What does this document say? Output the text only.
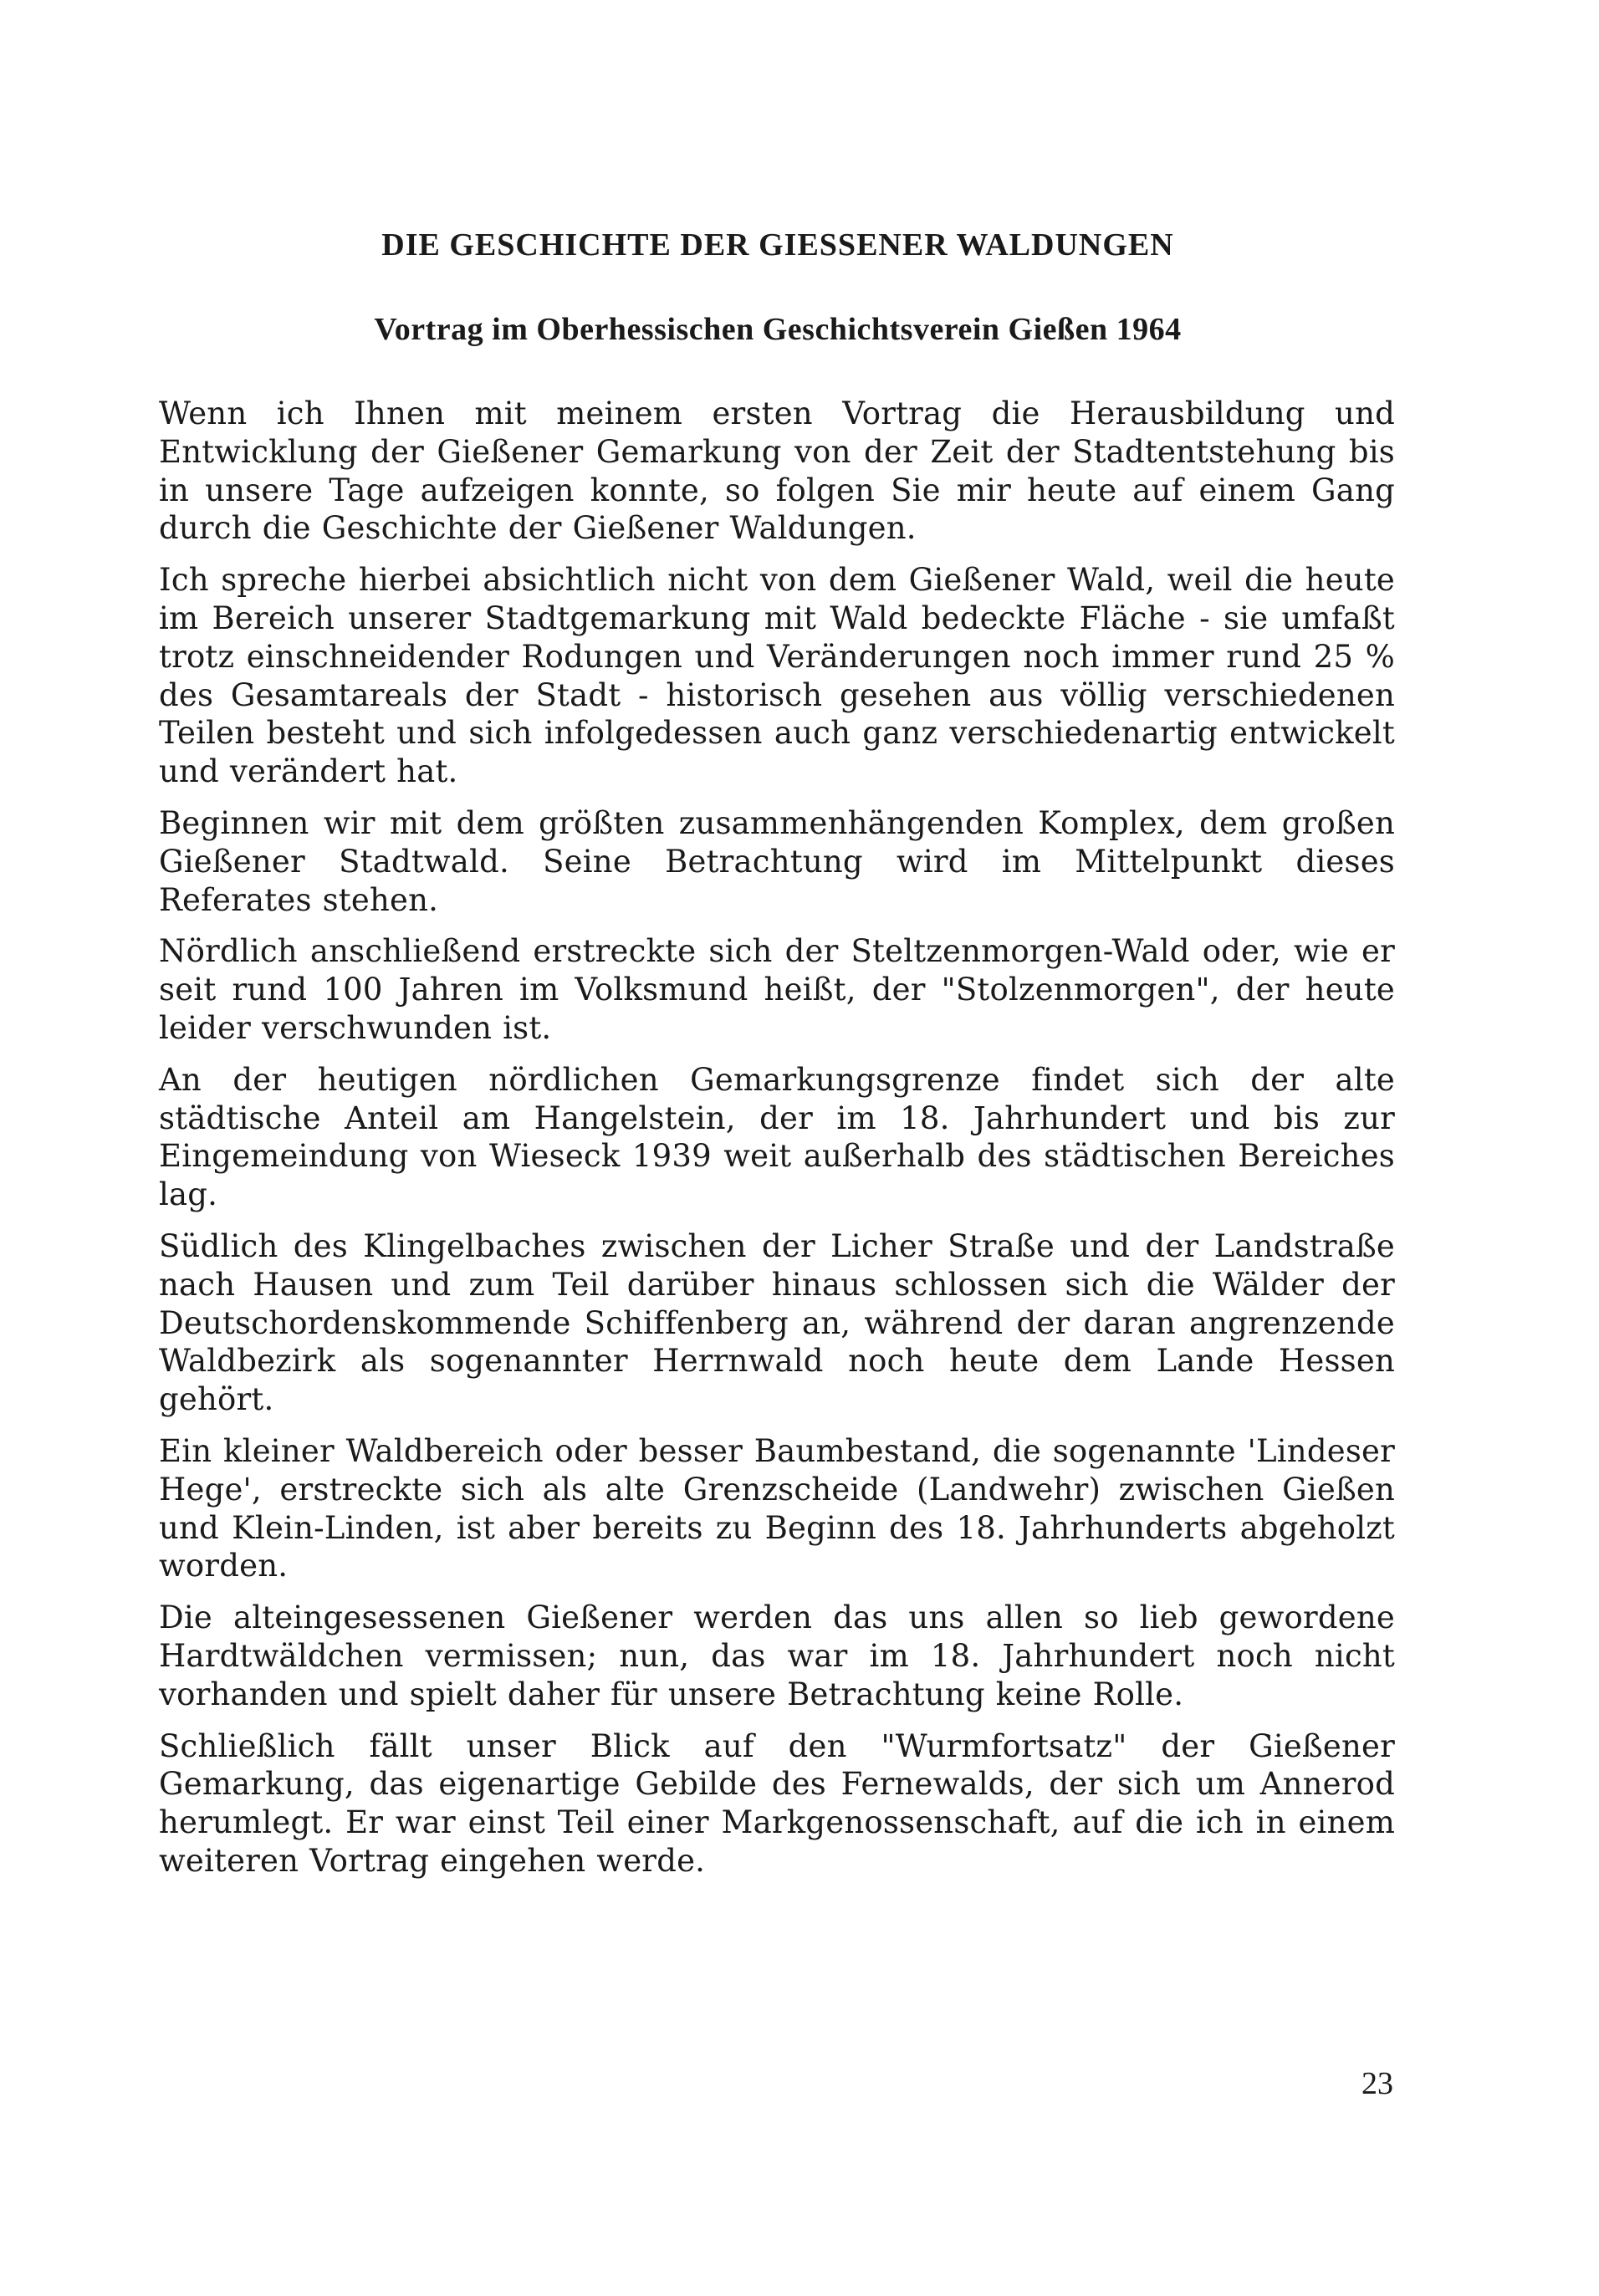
DIE GESCHICHTE DER GIESSENER WALDUNGEN
Vortrag im Oberhessischen Geschichtsverein Gießen 1964

Wenn ich Ihnen mit meinem ersten Vortrag die Herausbildung und Entwicklung der Gießener Gemarkung von der Zeit der Stadtentstehung bis in unsere Tage aufzeigen konnte, so folgen Sie mir heute auf einem Gang durch die Geschichte der Gießener Waldungen.

Ich spreche hierbei absichtlich nicht von dem Gießener Wald, weil die heute im Bereich unserer Stadtgemarkung mit Wald bedeckte Fläche - sie umfaßt trotz einschneidender Rodungen und Veränderungen noch immer rund 25 % des Gesamtareals der Stadt - historisch gesehen aus völlig verschiedenen Teilen besteht und sich infolgedessen auch ganz verschiedenartig entwickelt und verändert hat.

Beginnen wir mit dem größten zusammenhängenden Komplex, dem großen Gießener Stadtwald. Seine Betrachtung wird im Mittelpunkt dieses Referates stehen.

Nördlich anschließend erstreckte sich der Steltzenmorgen-Wald oder, wie er seit rund 100 Jahren im Volksmund heißt, der "Stolzenmorgen", der heute leider verschwunden ist.

An der heutigen nördlichen Gemarkungsgrenze findet sich der alte städtische Anteil am Hangelstein, der im 18. Jahrhundert und bis zur Eingemeindung von Wieseck 1939 weit außerhalb des städtischen Bereiches lag.

Südlich des Klingelbaches zwischen der Licher Straße und der Landstraße nach Hausen und zum Teil darüber hinaus schlossen sich die Wälder der Deutschordenskommende Schiffenberg an, während der daran angrenzende Waldbezirk als sogenannter Herrnwald noch heute dem Lande Hessen gehört.

Ein kleiner Waldbereich oder besser Baumbestand, die sogenannte 'Lindeser Hege', erstreckte sich als alte Grenzscheide (Landwehr) zwischen Gießen und Klein-Linden, ist aber bereits zu Beginn des 18. Jahrhunderts abgeholzt worden.

Die alteingesessenen Gießener werden das uns allen so lieb gewordene Hardtwäldchen vermissen; nun, das war im 18. Jahrhundert noch nicht vorhanden und spielt daher für unsere Betrachtung keine Rolle.

Schließlich fällt unser Blick auf den "Wurmfortsatz" der Gießener Gemarkung, das eigenartige Gebilde des Fernewalds, der sich um Annerod herumlegt. Er war einst Teil einer Markgenossenschaft, auf die ich in einem weiteren Vortrag eingehen werde.

23
